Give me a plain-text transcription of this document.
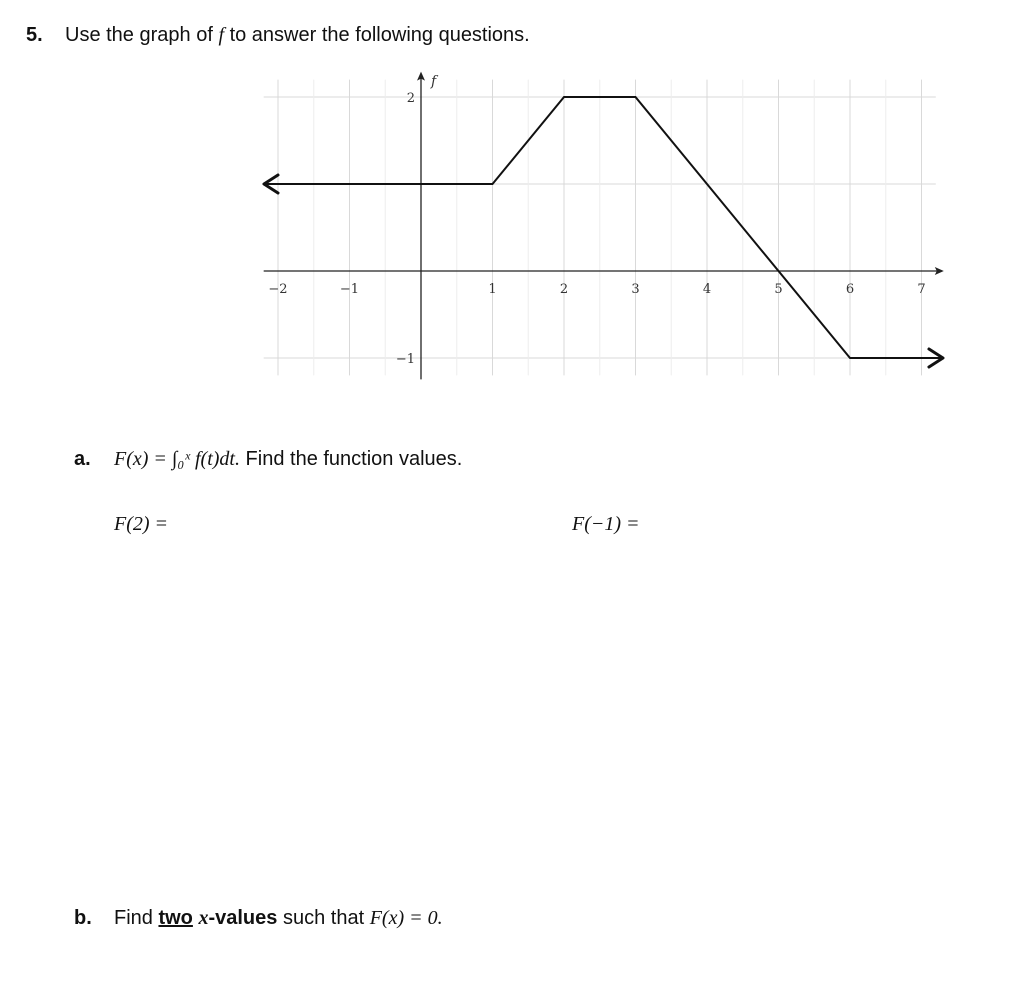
5. Use the graph of f to answer the following questions.
−2	−1	1	2	3	4	5	6	7
2
−1
f
a. F(x) = ∫₀ˣ f(t)dt. Find the function values.
F(2) =	F(−1) =
b. Find two x-values such that F(x) = 0.
